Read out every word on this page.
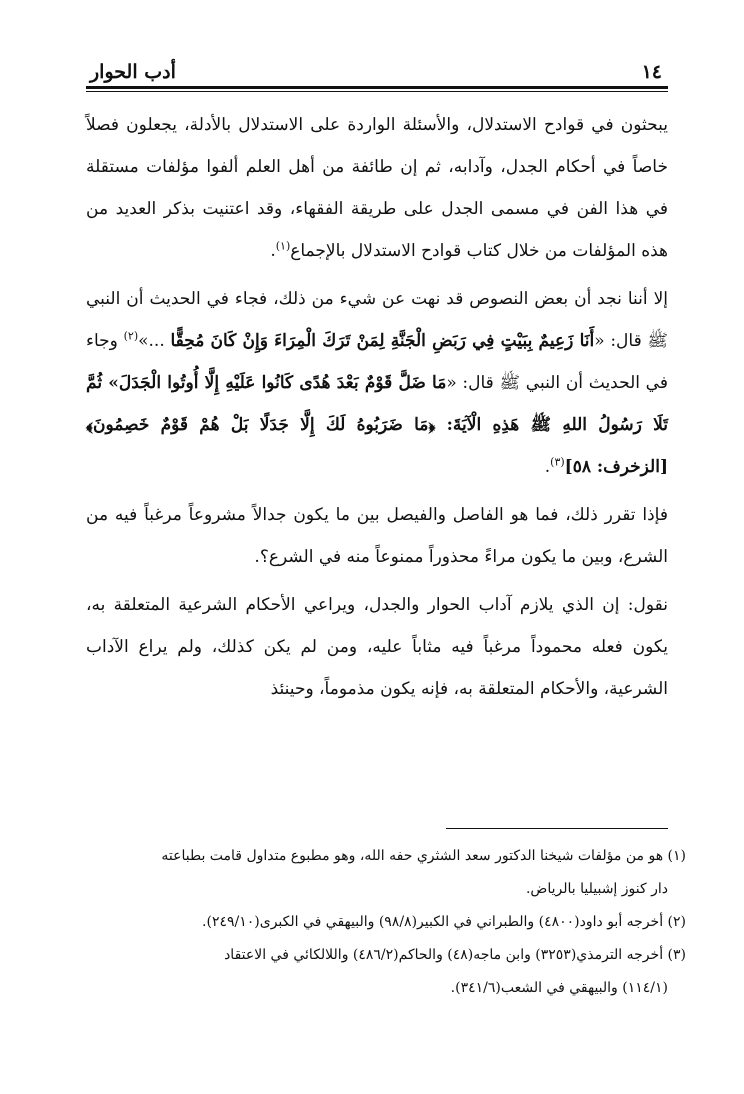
١٤
أدب الحوار

يبحثون في قوادح الاستدلال، والأسئلة الواردة على الاستدلال بالأدلة، يجعلون فصلاً خاصاً في أحكام الجدل، وآدابه، ثم إن طائفة من أهل العلم ألفوا مؤلفات مستقلة في هذا الفن في مسمى الجدل على طريقة الفقهاء، وقد اعتنيت بذكر العديد من هذه المؤلفات من خلال كتاب قوادح الاستدلال بالإجماع$^{(١)}$.

إلا أننا نجد أن بعض النصوص قد نهت عن شيء من ذلك، فجاء في الحديث أن النبي ﷺ قال: «أَنَا زَعِيمٌ بِبَيْتٍ فِي رَبَضِ الْجَنَّةِ لِمَنْ تَرَكَ الْمِرَاءَ وَإِنْ كَانَ مُحِقًّا ...»$^{(٢)}$ وجاء في الحديث أن النبي ﷺ قال: «مَا ضَلَّ قَوْمٌ بَعْدَ هُدًى كَانُوا عَلَيْهِ إِلَّا أُوتُوا الْجَدَلَ» ثُمَّ تَلَا رَسُولُ اللهِ ﷺ هَذِهِ الْآيَةَ: ﴿مَا ضَرَبُوهُ لَكَ إِلَّا جَدَلًا بَلْ هُمْ قَوْمٌ خَصِمُونَ﴾ [الزخرف: ٥٨]$^{(٣)}$.

فإذا تقرر ذلك، فما هو الفاصل والفيصل بين ما يكون جدالاً مشروعاً مرغباً فيه من الشرع، وبين ما يكون مراءً محذوراً ممنوعاً منه في الشرع؟.

نقول: إن الذي يلازم آداب الحوار والجدل، ويراعي الأحكام الشرعية المتعلقة به، يكون فعله محموداً مرغباً فيه مثاباً عليه، ومن لم يكن كذلك، ولم يراع الآداب الشرعية، والأحكام المتعلقة به، فإنه يكون مذموماً، وحينئذ

(١) هو من مؤلفات شيخنا الدكتور سعد الشثري حفه الله، وهو مطبوع متداول قامت بطباعته

دار كنوز إشبيليا بالرياض.

(٢) أخرجه أبو داود(٤٨٠٠) والطبراني في الكبير(٩٨/٨) والبيهقي في الكبرى(٢٤٩/١٠).

(٣) أخرجه الترمذي(٣٢٥٣) وابن ماجه(٤٨) والحاكم(٤٨٦/٢) واللالكائي في الاعتقاد

(١١٤/١) والبيهقي في الشعب(٣٤١/٦).
